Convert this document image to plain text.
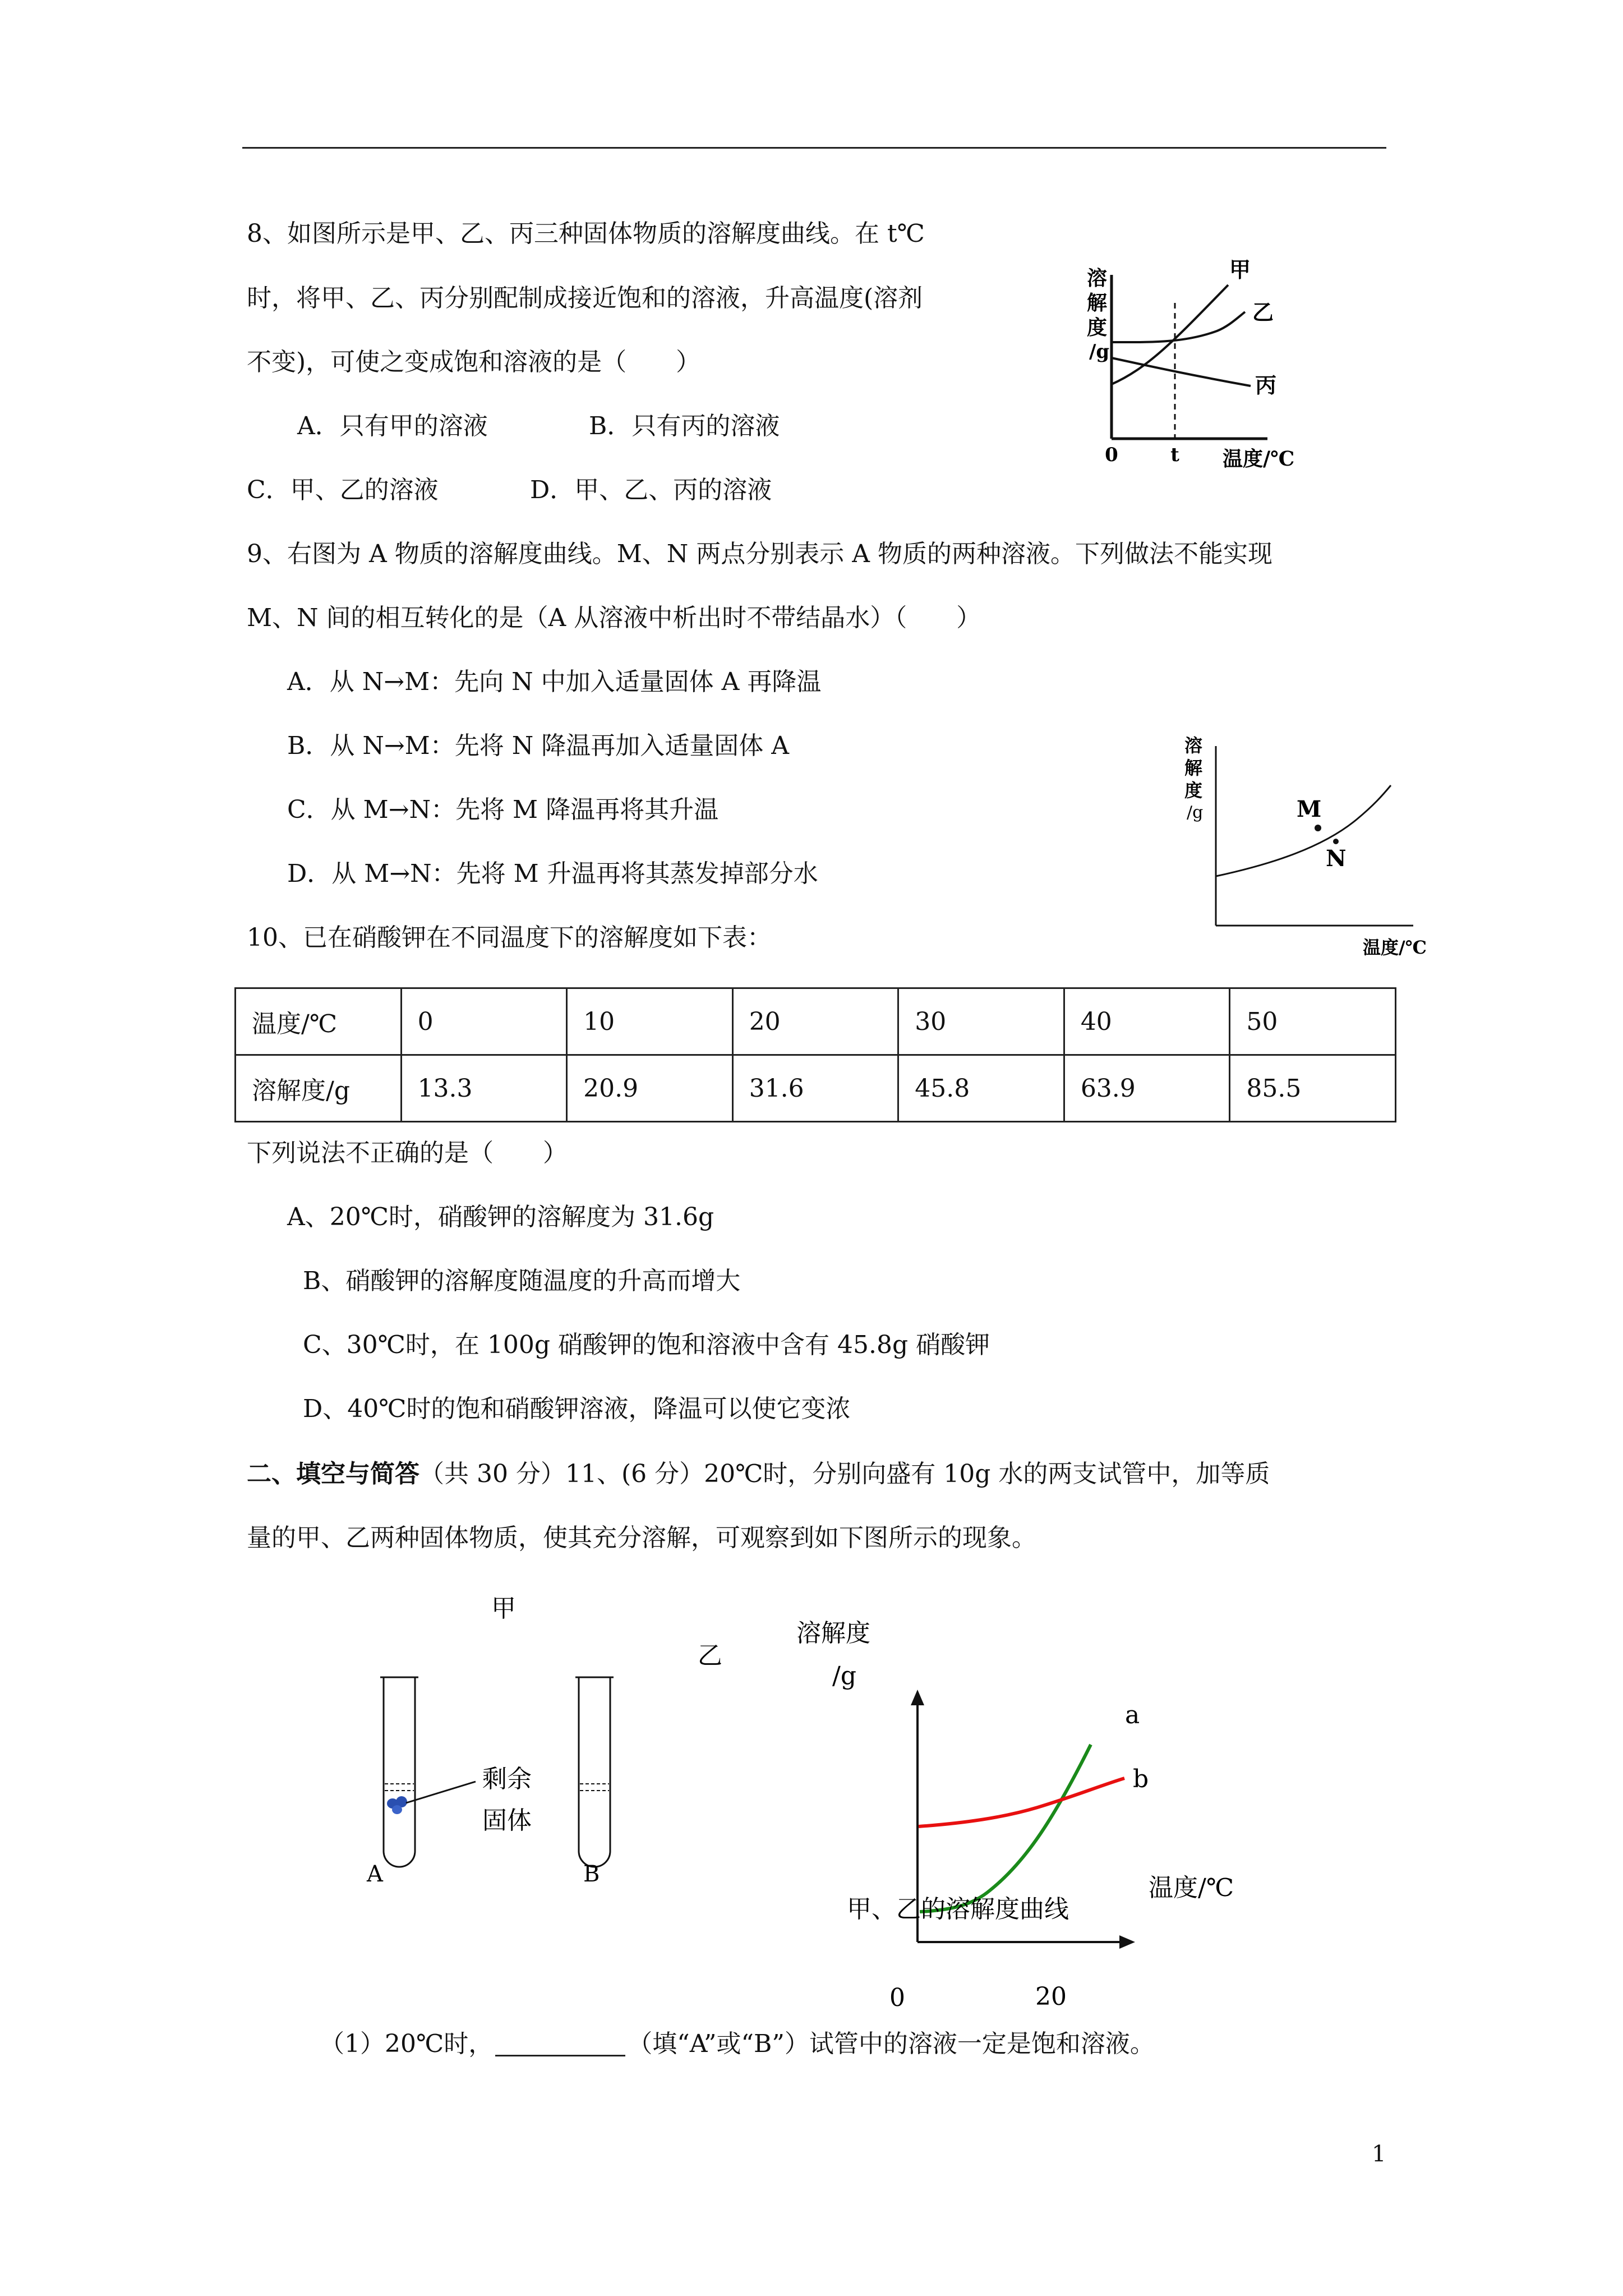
8、如图所示是甲、乙、丙三种固体物质的溶解度曲线。在 t℃
时，将甲、乙、丙分别配制成接近饱和的溶液，升高温度(溶剂
不变)，可使之变成饱和溶液的是（　　）
A．只有甲的溶液	B．只有丙的溶液
C．甲、乙的溶液	D．甲、乙、丙的溶液
溶
解
度
/g
甲
乙
丙
0	t 温度/℃
9、右图为 A 物质的溶解度曲线。M、N 两点分别表示 A 物质的两种溶液。下列做法不能实现
M、N 间的相互转化的是（A 从溶液中析出时不带结晶水）（　　）
A．从 N→M：先向 N 中加入适量固体 A 再降温
B．从 N→M：先将 N 降温再加入适量固体 A
C．从 M→N：先将 M 降温再将其升温
D．从 M→N：先将 M 升温再将其蒸发掉部分水
溶
解
度
/g	M
N
温度/℃
10、已在硝酸钾在不同温度下的溶解度如下表：
温度/℃	0	10	20	30	40	50
溶解度/g	13.3	20.9	31.6	45.8	63.9	85.5
下列说法不正确的是（　　）
A、20℃时，硝酸钾的溶解度为 31.6g
B、硝酸钾的溶解度随温度的升高而增大
C、30℃时，在 100g 硝酸钾的饱和溶液中含有 45.8g 硝酸钾
D、40℃时的饱和硝酸钾溶液，降温可以使它变浓
二、填空与简答（共 30 分）11、(6 分）20℃时，分别向盛有 10g 水的两支试管中，加等质
量的甲、乙两种固体物质，使其充分溶解，可观察到如下图所示的现象。
甲
乙
剩余
固体
A	B
溶解度
/g
a
b
温度/℃
甲、乙的溶解度曲线
0	20
（1）20℃时，	（填“A”或“B”）试管中的溶液一定是饱和溶液。
1
